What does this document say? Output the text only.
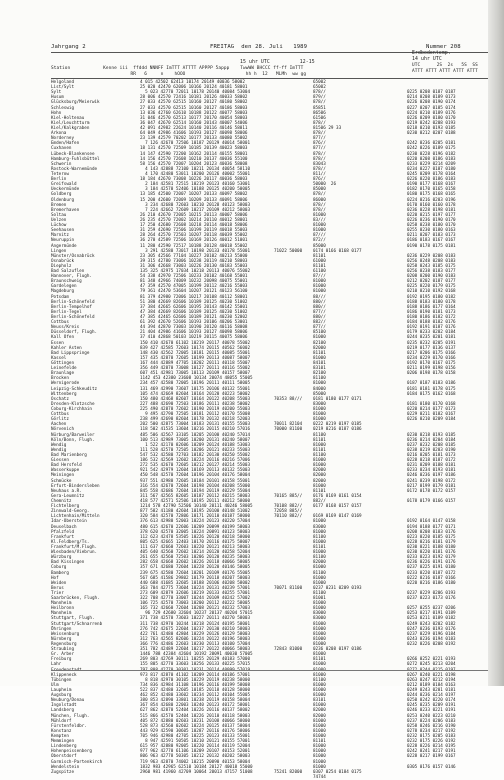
Jahrgang 2	FREITAG  den 28. Juli   1989	Nummer 208
Erdbodentemp.
14 uhr UTC
15 uhr UTC          12-15
Station            Kenne iii  ffddd NNNFF ImTTT ATTTT APPPP 5appp    TwwWW BHCCC ff-ff ImTTT
RR   6     n    hOOO                      hh h  12   MLMh  ww gg
UTC      2S  2s   5S  SS
ATTT ATTT ATTT ATTT ATTT
Helgoland	4 015 42502 62413 10174 20149 40036 58002	65002
List/Sylt	25 020 42470 62006 10166 20124 40181 58001	65002
Sylt	5 023 42770 72011 10178 20140 40084 53004	878//	0225 0208 0187 0187
Husum	28 006 42570 72416 10181 20126 40033 58002	879//	0214 0208 0189 0173
Glücksburg/Meierwik	27 033 42570 62515 10160 20127 40180 58002	878//	0226 0208 0190 0174
Schleswig	27 033 42570 62515 10160 20127 40186 58003	85851	0227 0207 0185 0174
Hohn	13 036 42760 62610 10188 20122 40077 58003	86506	0224 0210 0189 0176
Kiel-Holtenau	31 046 42570 62513 10177 20170 40054 58003	61506	0226 0209 0180 0170
Kiel/Leuchtturm	36 047 42670 62514 10160 20143 40007 54006	878//	0219 0242 0208 0193
Kiel/Kalkgraben	42 091 42982 22624 10140 20116 40146 58011	81506 29 33	0218 0210 0193 0185
Arkona	64 049 42986 41606 10193 20127 40098 58006	878//	0230 0212 0207 0188
Norderney	23 139 42579 70202 10177 20133 40080 55002	877//
Emden/Hafen	7 126 42670 72506 10187 20129 40014 58001	876//	0242 0236 0205 0181
Cuxhaven	18 131 42570 72509 10185 20139 40023 58003	877//	0242 0226 0189 0175
Lübeck-Blankensee	14 147 42590 72200 10162 20114 40155 58001	878//	0230 0228 0196 0182
Hamburg-Fuhlsbüttel	14 156 42570 72608 10210 20137 40036 55100	878//	0220 0208 0186 0183
Schwerin	58 156 42570 72007 10204 20123 40036 58008	83043	0233 0229 0214 0209
Rostock-Warnemünde	4 143 42888 72100 10211 20134 40054 58110	878//	0234 0227 0187 0180
Teterow	4 170 42480 53011 10200 20126 40002 55001	811//	0245 0209 0178 0164
Berlin	18 184 42670 73008 10226 20117 40036 58003	876//	0226 0220 0186 0183
Greifswald	2 184 42581 72515 10219 20123 40160 53001	50000  26	0190 0177 0168 0167
Ueckermünde	3 184 42570 52406 10188 20125 40200 50005	85000	0182 0170 0165 0158
Goldberg	13 185 42500 72007 10207 20133 40097 58002	878//	0180 0175 0168 0165
Oldenburg	15 200 42600 72009 10209 20133 40091 58006	86000	0224 0216 0203 0196
Bremen	3 234 42680 72603 10210 20128 40123 58003	878//	0170 0160 0160 0178
Bremerhaven	7 224 42662 72609 10217 20109 40212 58003	878//	0236 0228 0198 0181
Soltau	26 210 42670 72005 10215 20113 40007 58006	81000	0220 0215 0197 0177
Uelzen	26 235 42570 72002 10214 20110 40012 58001	83///	0226 0236 0190 0170
Lüchow	17 250 42680 72608 10218 20114 40018 58006	81000	0258 0238 0180 0170
Seehausen	31 259 42690 72506 10199 20119 40018 55003	81000	0255 0230 0180 0163
Marnitz	28 264 42570 72503 10207 20118 40039 55002	87///	0211 0207 0183 0173
Neuruppin	36 270 42589 72506 10169 20126 40012 51001	872//	0186 0183 0167 0167
Angermünde	11 280 42590 72517 10188 20128 40018 55002	85000	0190 0178 0175 0181
Lingen	3 291 42580 73017 10198 20133 40178 55001	71022 50000	0174 0166 0168 0177
Münster/Osnabrück	23 305 42566 77104 10227 20102 40213 55000	81101	0236 0229 0208 0183
Osnabrück	39 315 42780 73006 10238 20119 40210 58003	61000	0256 0248 0208 0183
Diepholz	31 306 42668 73003 10226 20130 40183 55003	81101	0258 0243 0185 0175
Bad Salzuflen	135 325 42975 17034 10218 20113 40076 55002	61100	0256 0238 0183 0177
Hannover, Flugh.	54 338 42970 72506 10233 20102 40168 55001	87///	0208 0200 0190 0183
Braunschweig	81 348 42966 74009 10232 20098 40075 55001	81000	0212 0202 0187 0177
Gardelegen	47 359 42570 47005 10199 20112 40216 55003	81000	0225 0220 0179 0175
Magdeburg	79 361 42470 53604 10207 20121 40123 56100	81000	0210 0210 0192 0168
Potsdam	81 379 42980 72006 10217 20108 40112 58001	88///	0192 0195 0180 0182
Berlin-Schönefeld	51 380 42669 82606 10189 20125 40230 51002	880//	0188 0183 0180 0178
Berlin-Tempelhof	37 384 42665 62606 10195 20143 40142 55001	880//	0188 0186 0177 0164
Berlin-Tegel	47 384 42669 82606 10189 20125 40230 51002	877//	0186 0190 0181 0173
Berlin-Schönefeld	47 385 42465 62606 10189 20121 40230 52002	880//	0180 0186 0182 0172
Cottbus	61 392 42670 52606 10193 20106 40206 53001	882//	0184 0188 0182 0176
Neuss/Kreis	44 394 42870 73003 10190 20120 40116 58008	877//	0192 0191 0187 0176
Düsseldorf, Flugh.	21 404 42986 41606 10193 20127 40098 58006	85100	0179 0233 0202 0184
Kall Ofen	37 410 42868 50103 10219 20115 40075 58006	81000	0244 0235 0201 0181
Essen	150 410 42670 61102 10219 20117 40078 55002	82100	0235 0232 0205 0191
Kahler Asten	839 427 42585 72603 10174 20115 40562 56002	82000	0219 0177 0136 0137
Bad Lippspringe	148 430 42562 72005 10181 20115 40085 55001	81101	0217 0206 0175 0166
Kassel	157 435 42870 72605 10199 20113 40087 58007	81000	0234 0229 0170 0166
Göttingen	167 444 42889 47705 10202 20111 40118 55007	84101	0192 0170 0167 0175
Leinefelde	356 449 42870 73008 10127 20111 40116 55002	83101	0211 0199 0198 0156
Braunlage	607 451 42981 73005 10113 20109 40157 58007	82100	0206 0198 0178 0158
Brocken	1142 453 42380 23608 10134 20074 48055 55005	81100
Wernigerode	234 457 42580 72005 10196 20111 40111 58005	81000	0187 0187 0183 0186
Leipzig-Schkeuditz	131 469 42990 73607 10175 20106 40132 55001	84000	0181 0181 0178 0175
Wittenberg	105 474 42669 82604 10164 20120 40223 50002	85000	0184 0175 0162 0168
Oschatz	150 480 42468 82607 10164 20122 40208 55003	70353 88///	0181 0180 0177 0171
Dresden-Klotzsche	227 488 42690 72503 10186 20111 40238 50002	83000	0181 0180 0170 0168
Coburg-Kirchhain	225 490 42870 72602 10190 20119 40200 55003	81000	0220 0214 0177 0173
Cottbus	9 495 42790 72505 10181 20112 40170 55008	81000	0229 0211 0182 0167
Görlitz	238 499 42690 82604 10178 20132 40218 52003	81000	0226 0210 0209 0184
Aachen	202 500 42875 73004 10183 20131 40155 55003	70011 82104	0222 0219 0197 0185
Nörvenich	118 502 41535 13604 10216 20115 40210 57016	70000 81100	0219 0216 0187 0186
Nürburg/Barweiler	485 506 42567 33105 10205 20100 40240 57014	81100	0230 0218 0193 0185
Köln/Bonn, Flugh.	100 513 42989 73005 10200 20131 40240 58007	81101	0236 0214 0204 0184
Wendig	1 522 42170 82606 10209 20124 40188 53003	81000	0237 0232 0208 0185
Wendig	111 528 42570 72505 10206 20121 40233 55003	81101	0238 0219 0203 0190
Bad Marienberg	547 532 42580 72703 10182 20130 40250 55002	81100	0216 0205 0181 0173
Giessen	186 532 42569 12602 10224 20116 40216 57006	81000	0228 0218 0187 0172
Bad Hersfeld	272 535 42670 72605 10212 20127 40214 55003	81000	0231 0209 0188 0181
Wasserkuppe	921 542 42979 12604 10169 20113 40132 55003	82000	0233 0234 0193 0181
Meiningen	450 548 42570 72604 10196 20104 40176 58004	82000	0246 0236 0197 0186
Schmücke	937 551 42980 72605 10184 20101 40158 55001	82000	0241 0239 0198 0172
Erfurt-Bindersleben	316 554 42670 72604 10198 20104 40208 55000	81000	0217 0199 0179 0181
Neuhaus a.R.	845 558 42686 72604 10194 20119 40229 55004	81101	0172 0178 0172 0157
Gera-Leumnitz	311 567 42565 82605 10187 20112 40215 58003	70165 885//	0176 0169 0161 0154
Chemnitz	418 577 42571 52506 10195 20111 40212 58000	882//	0178 0179 0166 0157
Fichtelberg	1214 578 42790 52506 10140 20111 40246 58005	70108 882//	0177 0168 0157 0157
Zinnwald-Georg.	877 582 41180 42604 10195 20100 40148 51002	72058 885//
Lichtenhain/Mitteln	320 584 42570 72806 10171 20110 40187 58000	70110 882//	0169 0169 0147 0169
Idar-Oberstein	376 613 42980 52003 10224 20123 40220 57004	81000	0192 0164 0147 0158
Deuselbach	480 615 42670 22606 10209 20099 40199 58003	83000	0194 0188 0177 0171
Pfalzfeld	378 620 42570 32005 10224 20091 40123 58003	81000	0208 0208 0183 0176
Frankfurt	112 623 42478 53505 10226 20120 40218 58000	81100	0223 0220 0185 0175
Kl.Feldberg/Ts.	805 625 42665 12403 10170 20116 40175 58007	81000	0228 0216 0181 0179
Frankfurt/M.Flugh.	111 637 42660 72603 10220 20121 40213 58003	81101	0230 0221 0188 0180
Wiesbaden/Viebrun.	405 640 42560 72602 10214 20120 40258 52004	81000	0230 0220 0181 0176
Würzburg	261 655 42560 72503 10206 20120 40235 58003	81100	0233 0223 0192 0179
Bad Kissingen	282 658 42668 32602 10226 20118 40066 58005	82000	0236 0226 0191 0176
Coburg	357 671 42680 72604 10228 20120 40146 58005	81000	0237 0225 0191 0180
Bamberg	239 675 42580 72604 10201 20109 40176 55005	81100	0233 0220 0187 0172
Hof	567 685 41586 29802 10179 20118 40207 58003	81000	0222 0216 0187 0166
Weiden	440 688 41685 32605 10188 20106 40208 58002	81000	0220 0216 0186 0180
Berus	363 704 42775 73604 10224 20131 40239 57001	70071 81100	0237 0231 0209 0193
Trier	273 609 42879 32606 10219 20133 40255 57001	81100	0237 0229 0206 0193
Saarbrücken, Flugh.	322 708 42770 33007 10244 20109 40242 57002	81001	0237 0223 0173 0176
Mannheim	106 725 42570 73003 10200 20112 40222 58005	81000
Heilbronn	165 732 42660 72604 10208 20121 40232 57003	81000	0257 0255 0237 0206
Mannheim	96 729 42680 32604 10237 20137 40204 57015	83000	0253 0217 0191 0189
Stuttgart, Flugh.	371 738 42570 73603 10227 20111 40270 58003	83000	0253 0211 0189 0182
Stuttgart/Schnarrenb	311 738 42970 10244 10218 20124 40195 58001	81000	0249 0243 0202 0182
Öhringen	276 742 42675 22604 10237 20130 40210 58003	81000	0247 0236 0193 0176
Weissenburg	422 761 42480 42804 10229 20126 40129 58003	81000	0237 0229 0196 0184
Nürnberg	312 763 42565 82606 10224 20122 40196 58003	81000	0243 0236 0194 0183
Regensburg	366 776 42486 22603 10230 20113 40100 57004	81000	0232 0226 0208 0192
Straubing	351 782 42489 22604 10217 20122 40066 58003	72843 81000	0236 0208 0197 0186
Gr. Arber	1446 788 42384 42604 10192 20091 40030 57005	81000
Freiburg	269 803 42769 30111 10255 20129 40183 57000	81101	0266 0252 0221 0193
Lahr	155 805 42770 33603 10256 20133 40225 57015	81000	0272 0245 0213 0204
Freudenstadt	797 808 42770 30301 10231 20114 40099 57019	81000	0272 0244 0215 0197
Klippeneck	973 817 42870 41102 10209 20114 40186 57001	81000	0267 0240 0221 0198
Tübingen	8 818 42970 30105 10229 20119 40238 58000	81100	0263 0247 0212 0194
Ulm	734 836 42984 31108 10196 20116 40199 58008	81000	0212 0189 0184 0163
Laupheim	522 837 42480 32605 10185 20118 40128 58000	81000	0249 0243 0201 0181
Augsburg	462 852 42480 33602 10234 20112 40104 55005	81000	0244 0236 0214 0197
Neuburg/Donau	380 853 42890 33801 10238 20119 40158 58004	83101	0250 0242 0220 0174
Ingolstadt	367 854 42680 22003 10240 20123 40172 58001	81000	0245 0235 0209 0191
Landsberg	627 862 42870 52404 10226 20116 40137 58002	82000	0246 0233 0221 0191
München, Flugh.	515 866 42570 52404 10226 20110 40118 58003	82000	0253 0240 0223 0210
Mühldorf	405 872 42880 02603 10231 20108 40066 58000	81000	0237 0224 0206 0183
Fürstenfeldbr.	528 873 42560 02602 10224 20125 40137 58004	81000	0258 0246 0216 0190
Konstanz	443 929 42590 30605 10287 20116 40176 58006	81000	0278 0234 0217 0192
Kempten	705 946 42980 42705 10225 20123 40133 55001	81000	0232 0175 0205 0183
Memmingen	8 947 42591 50505 10210 20121 40155 57001	81101	0232 0175 0226 0192
Lindenberg	615 957 42880 92005 10220 20114 40119 52004	81000	0228 0226 0214 0195
Hohenpeissenberg	977 962 42770 61106 10209 20107 40153 52001	81000	0242 0241 0217 0191
Oberstdorf	806 963 42778 50305 10212 20132 40202 58003	81000	0228 0217 0199 0167
Garmisch-Partenkirch	719 963 42870 74002 10215 20090 40153 58004	81000
Wendelstein	1832 983 42965 62510 10184 20127 40018 55000	81000	0305 0176 0157 0146
Zugspitze	2960 981 41960 42709 10064 20013 47157 51008	75241 82000	0307 0254 0184 0175
74744
